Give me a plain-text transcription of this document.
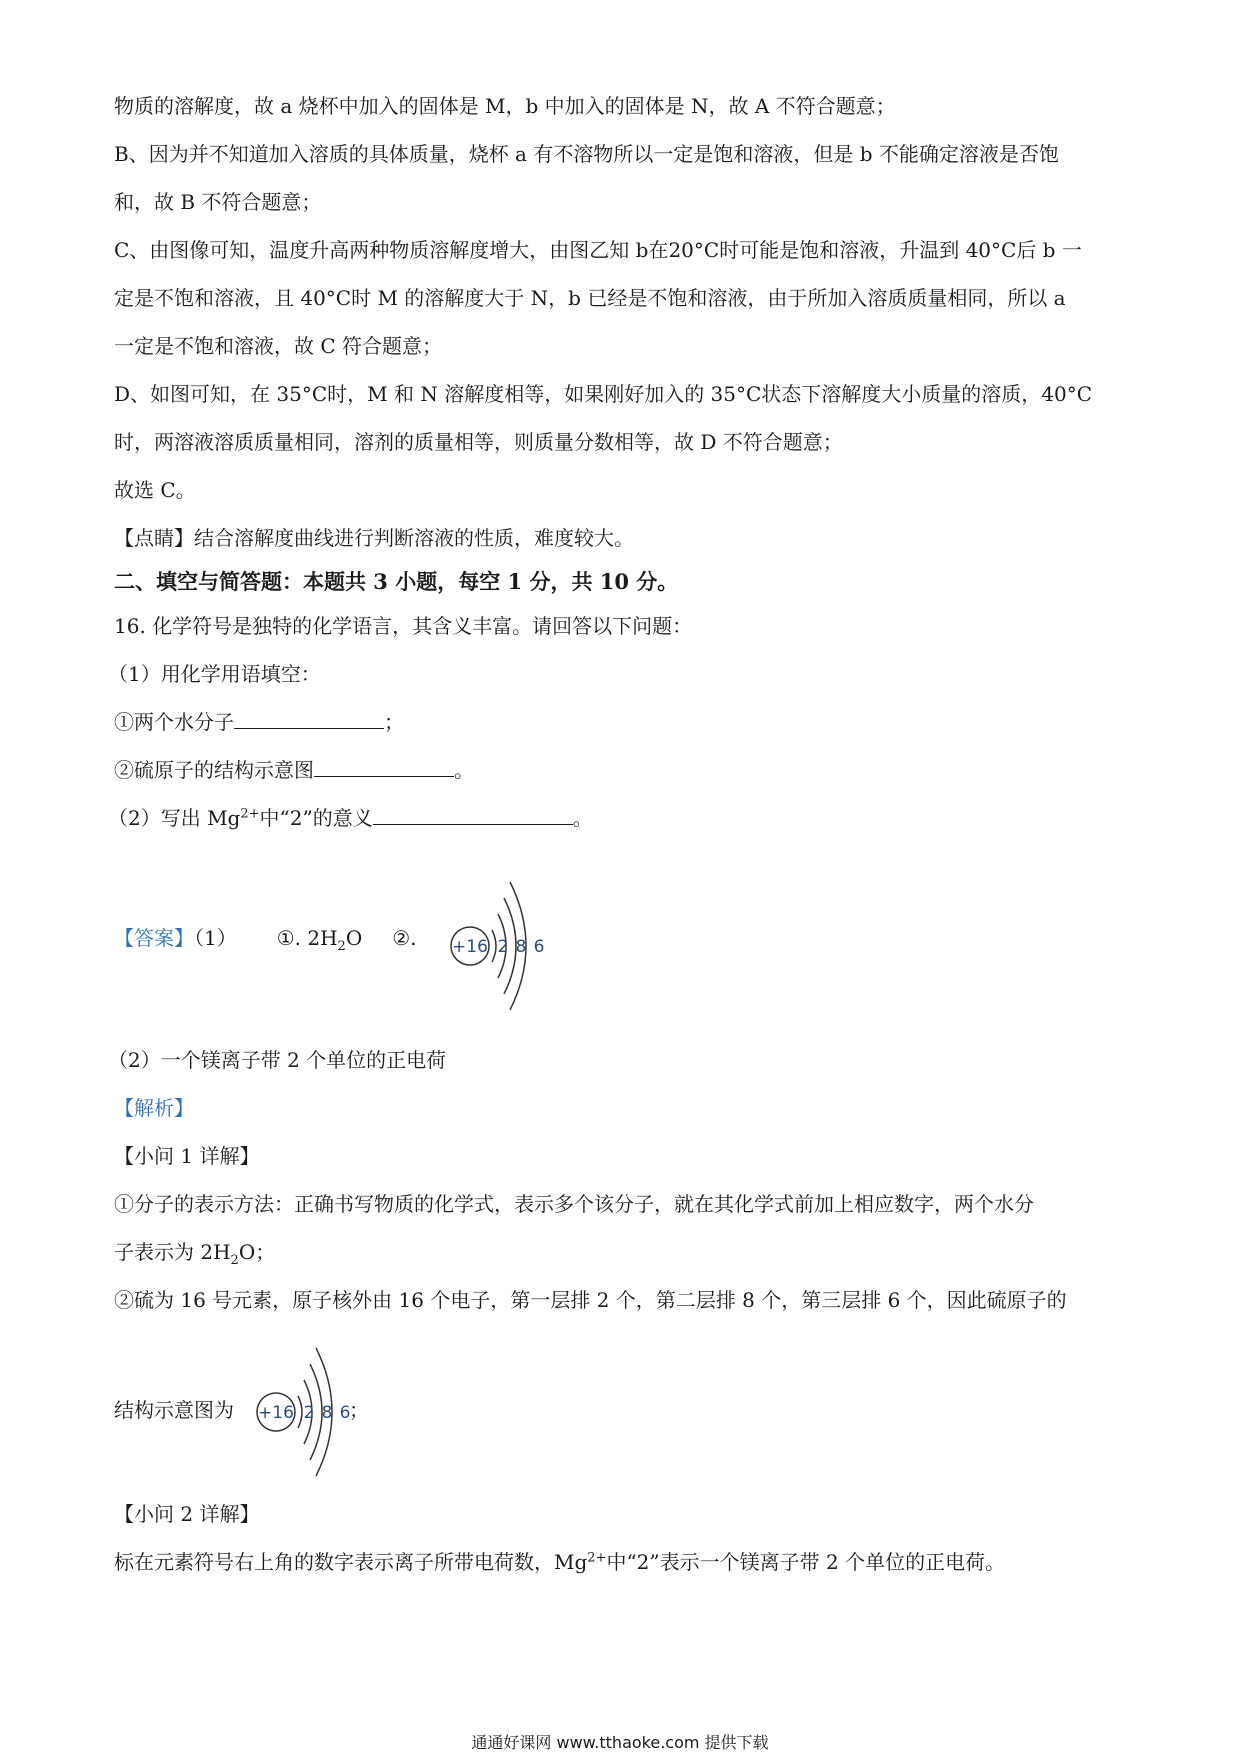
物质的溶解度，故 a 烧杯中加入的固体是 M，b 中加入的固体是 N，故 A 不符合题意；
B、因为并不知道加入溶质的具体质量，烧杯 a 有不溶物所以一定是饱和溶液，但是 b 不能确定溶液是否饱
和，故 B 不符合题意；
C、由图像可知，温度升高两种物质溶解度增大，由图乙知 b在20°C时可能是饱和溶液，升温到 40°C后 b 一
定是不饱和溶液，且 40°C时 M 的溶解度大于 N，b 已经是不饱和溶液，由于所加入溶质质量相同，所以 a
一定是不饱和溶液，故 C 符合题意；
D、如图可知，在 35°C时，M 和 N 溶解度相等，如果刚好加入的 35°C状态下溶解度大小质量的溶质，40°C
时，两溶液溶质质量相同，溶剂的质量相等，则质量分数相等，故 D 不符合题意；
故选 C。
【点睛】结合溶解度曲线进行判断溶液的性质，难度较大。
二、填空与简答题：本题共 3 小题，每空 1 分，共 10 分。
16. 化学符号是独特的化学语言，其含义丰富。请回答以下问题：
（1）用化学用语填空：
①两个水分子	；
②硫原子的结构示意图	。
（2）写出 $Mg^{2+}$中“2”的意义	。
【答案】（1） ①. $2H_2O$ ②. +16 2 8 6
（2）一个镁离子带 2 个单位的正电荷
【解析】
【小问 1 详解】
①分子的表示方法：正确书写物质的化学式，表示多个该分子，就在其化学式前加上相应数字，两个水分
子表示为 $2H_2O$；
②硫为 16 号元素，原子核外由 16 个电子，第一层排 2 个，第二层排 8 个，第三层排 6 个，因此硫原子的
结构示意图为	；
+16 2 8 6
【小问 2 详解】
标在元素符号右上角的数字表示离子所带电荷数，$Mg^{2+}$中“2”表示一个镁离子带 2 个单位的正电荷。
通通好课网 www.tthaoke.com 提供下载
